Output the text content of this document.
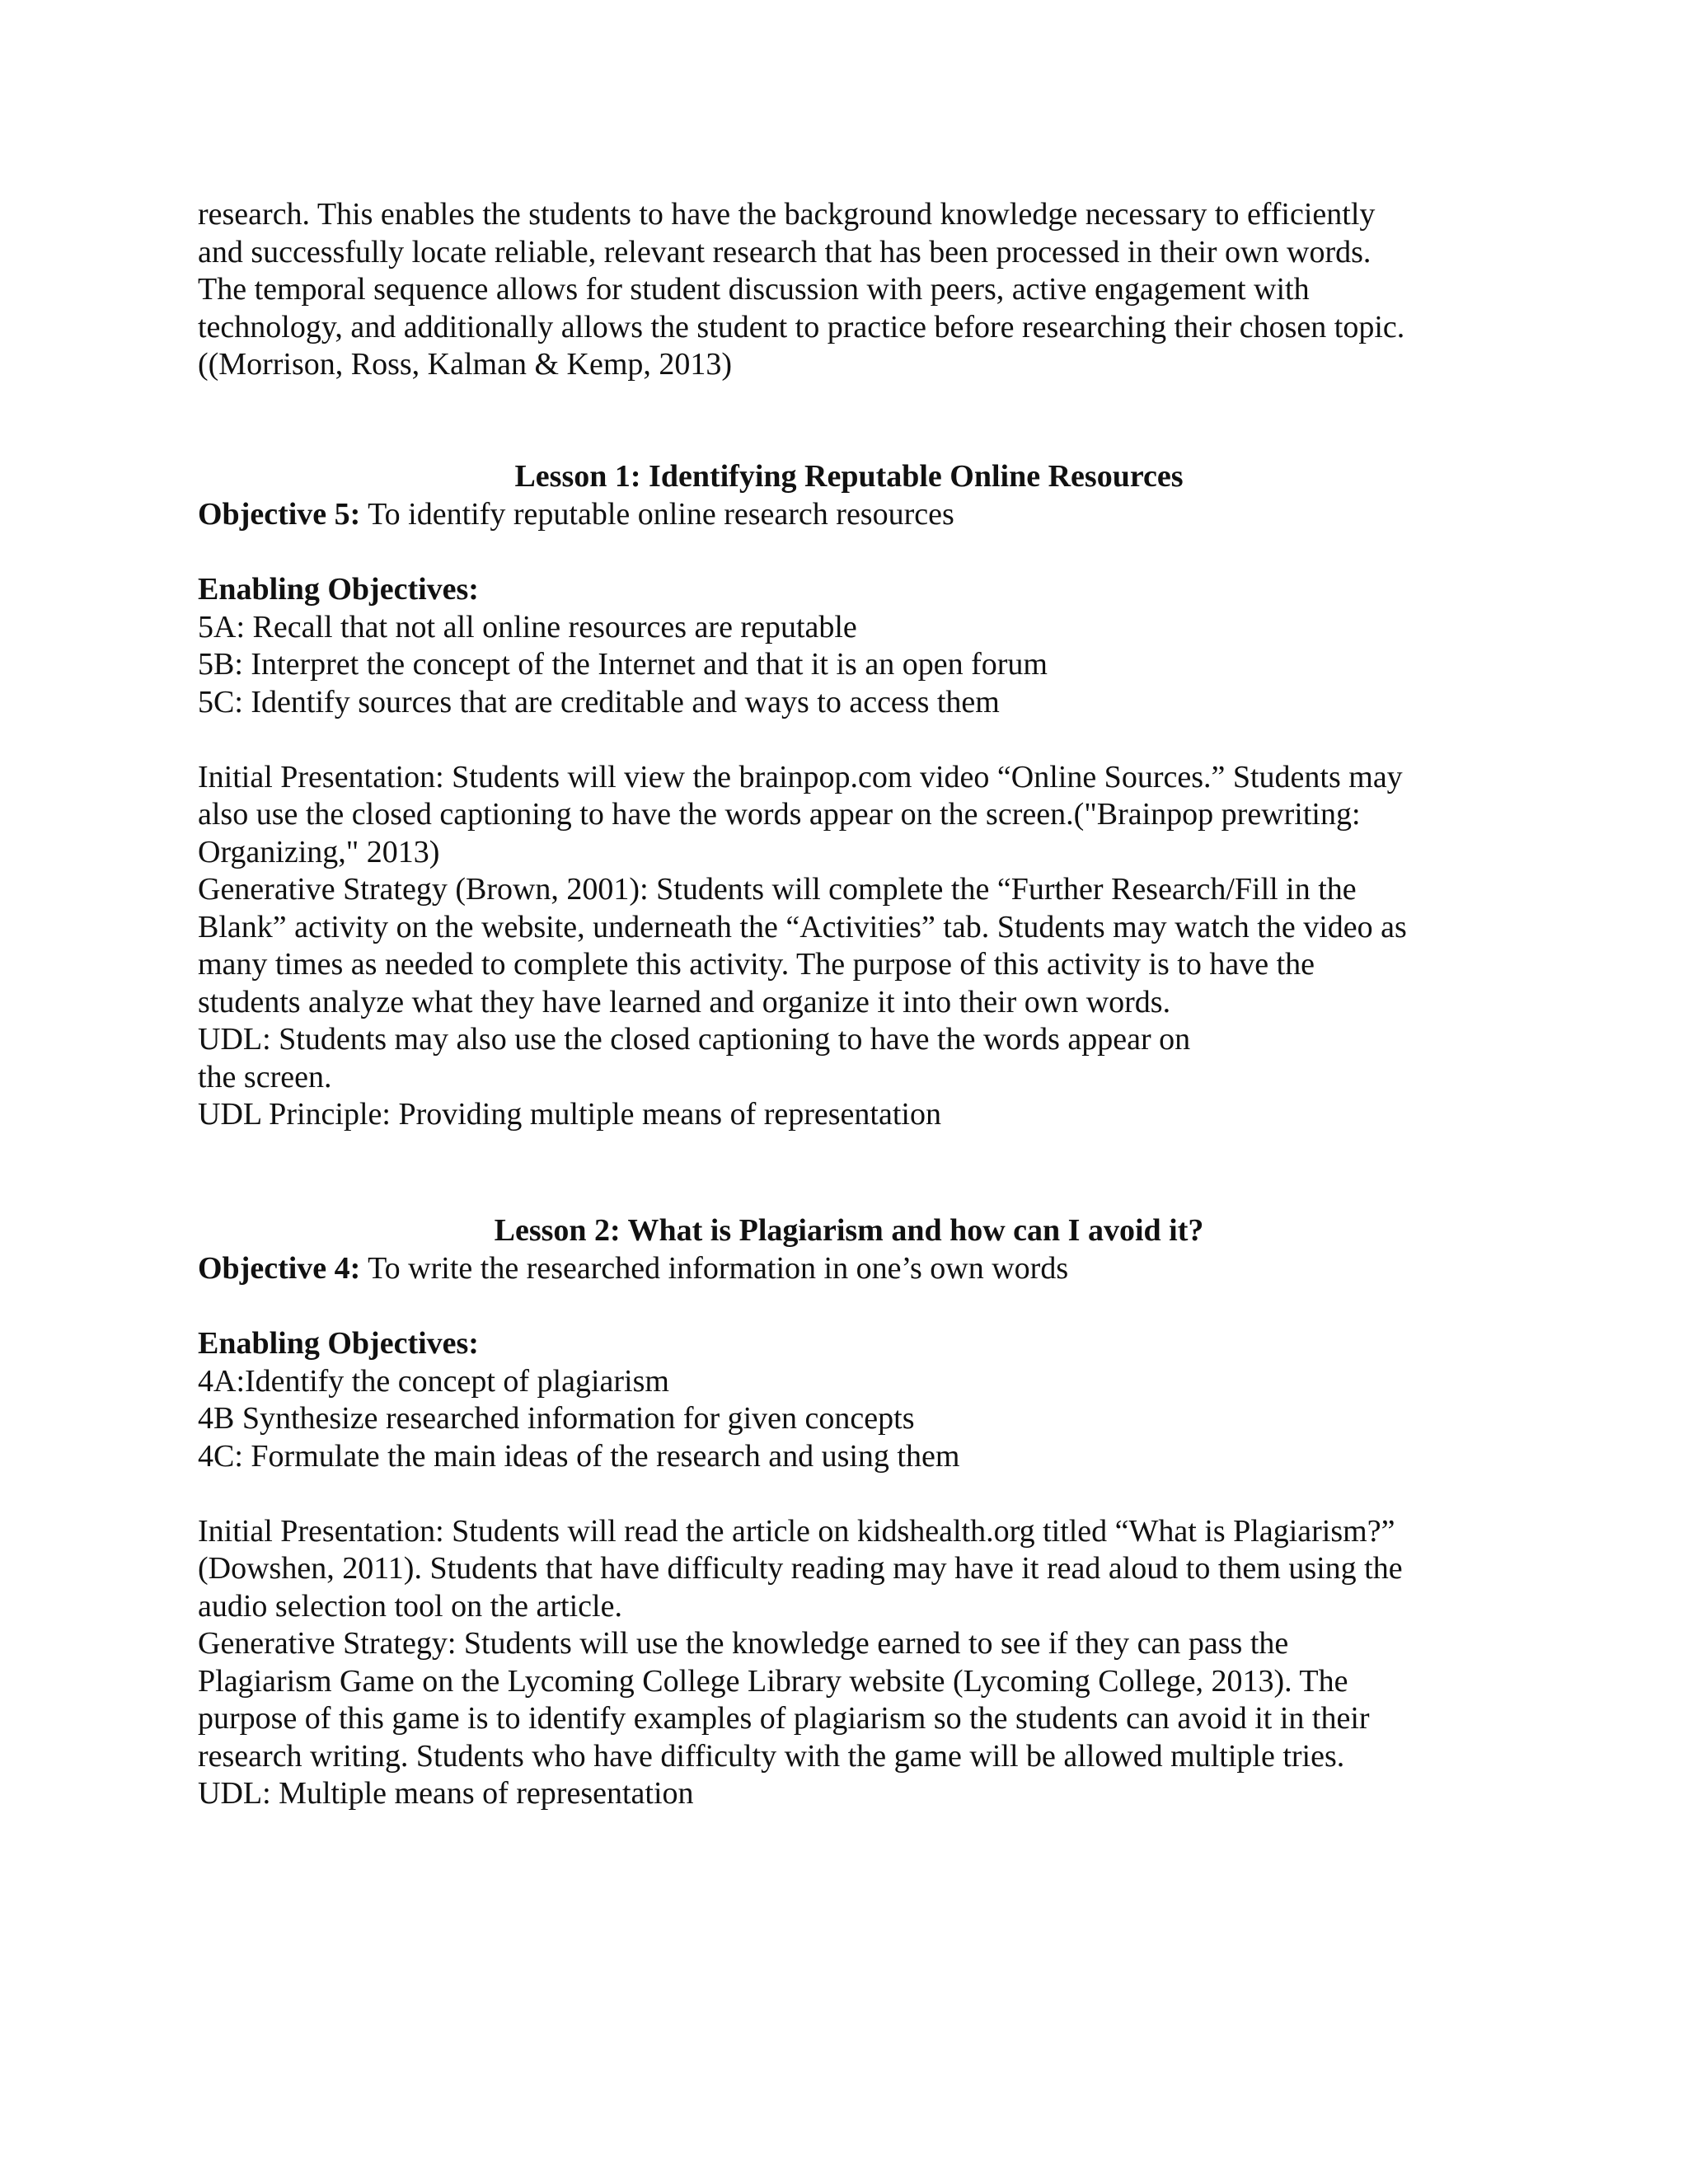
research. This enables the students to have the background knowledge necessary to efficiently
and successfully locate reliable, relevant research that has been processed in their own words.
The temporal sequence allows for student discussion with peers, active engagement with
technology, and additionally allows the student to practice before researching their chosen topic.
((Morrison, Ross, Kalman & Kemp, 2013)
Lesson 1: Identifying Reputable Online Resources
Objective 5: To identify reputable online research resources

Enabling Objectives:
5A: Recall that not all online resources are reputable
5B: Interpret the concept of the Internet and that it is an open forum
5C: Identify sources that are creditable and ways to access them

Initial Presentation: Students will view the brainpop.com video “Online Sources.” Students may
also use the closed captioning to have the words appear on the screen.("Brainpop prewriting:
Organizing," 2013)
Generative Strategy (Brown, 2001): Students will complete the “Further Research/Fill in the
Blank” activity on the website, underneath the “Activities” tab. Students may watch the video as
many times as needed to complete this activity. The purpose of this activity is to have the
students analyze what they have learned and organize it into their own words.
UDL: Students may also use the closed captioning to have the words appear on
the screen.
UDL Principle: Providing multiple means of representation
Lesson 2: What is Plagiarism and how can I avoid it?
Objective 4: To write the researched information in one’s own words

Enabling Objectives:
4A:Identify the concept of plagiarism
4B Synthesize researched information for given concepts
4C: Formulate the main ideas of the research and using them

Initial Presentation: Students will read the article on kidshealth.org titled “What is Plagiarism?”
(Dowshen, 2011). Students that have difficulty reading may have it read aloud to them using the
audio selection tool on the article.
Generative Strategy: Students will use the knowledge earned to see if they can pass the
Plagiarism Game on the Lycoming College Library website (Lycoming College, 2013). The
purpose of this game is to identify examples of plagiarism so the students can avoid it in their
research writing. Students who have difficulty with the game will be allowed multiple tries.
UDL: Multiple means of representation
